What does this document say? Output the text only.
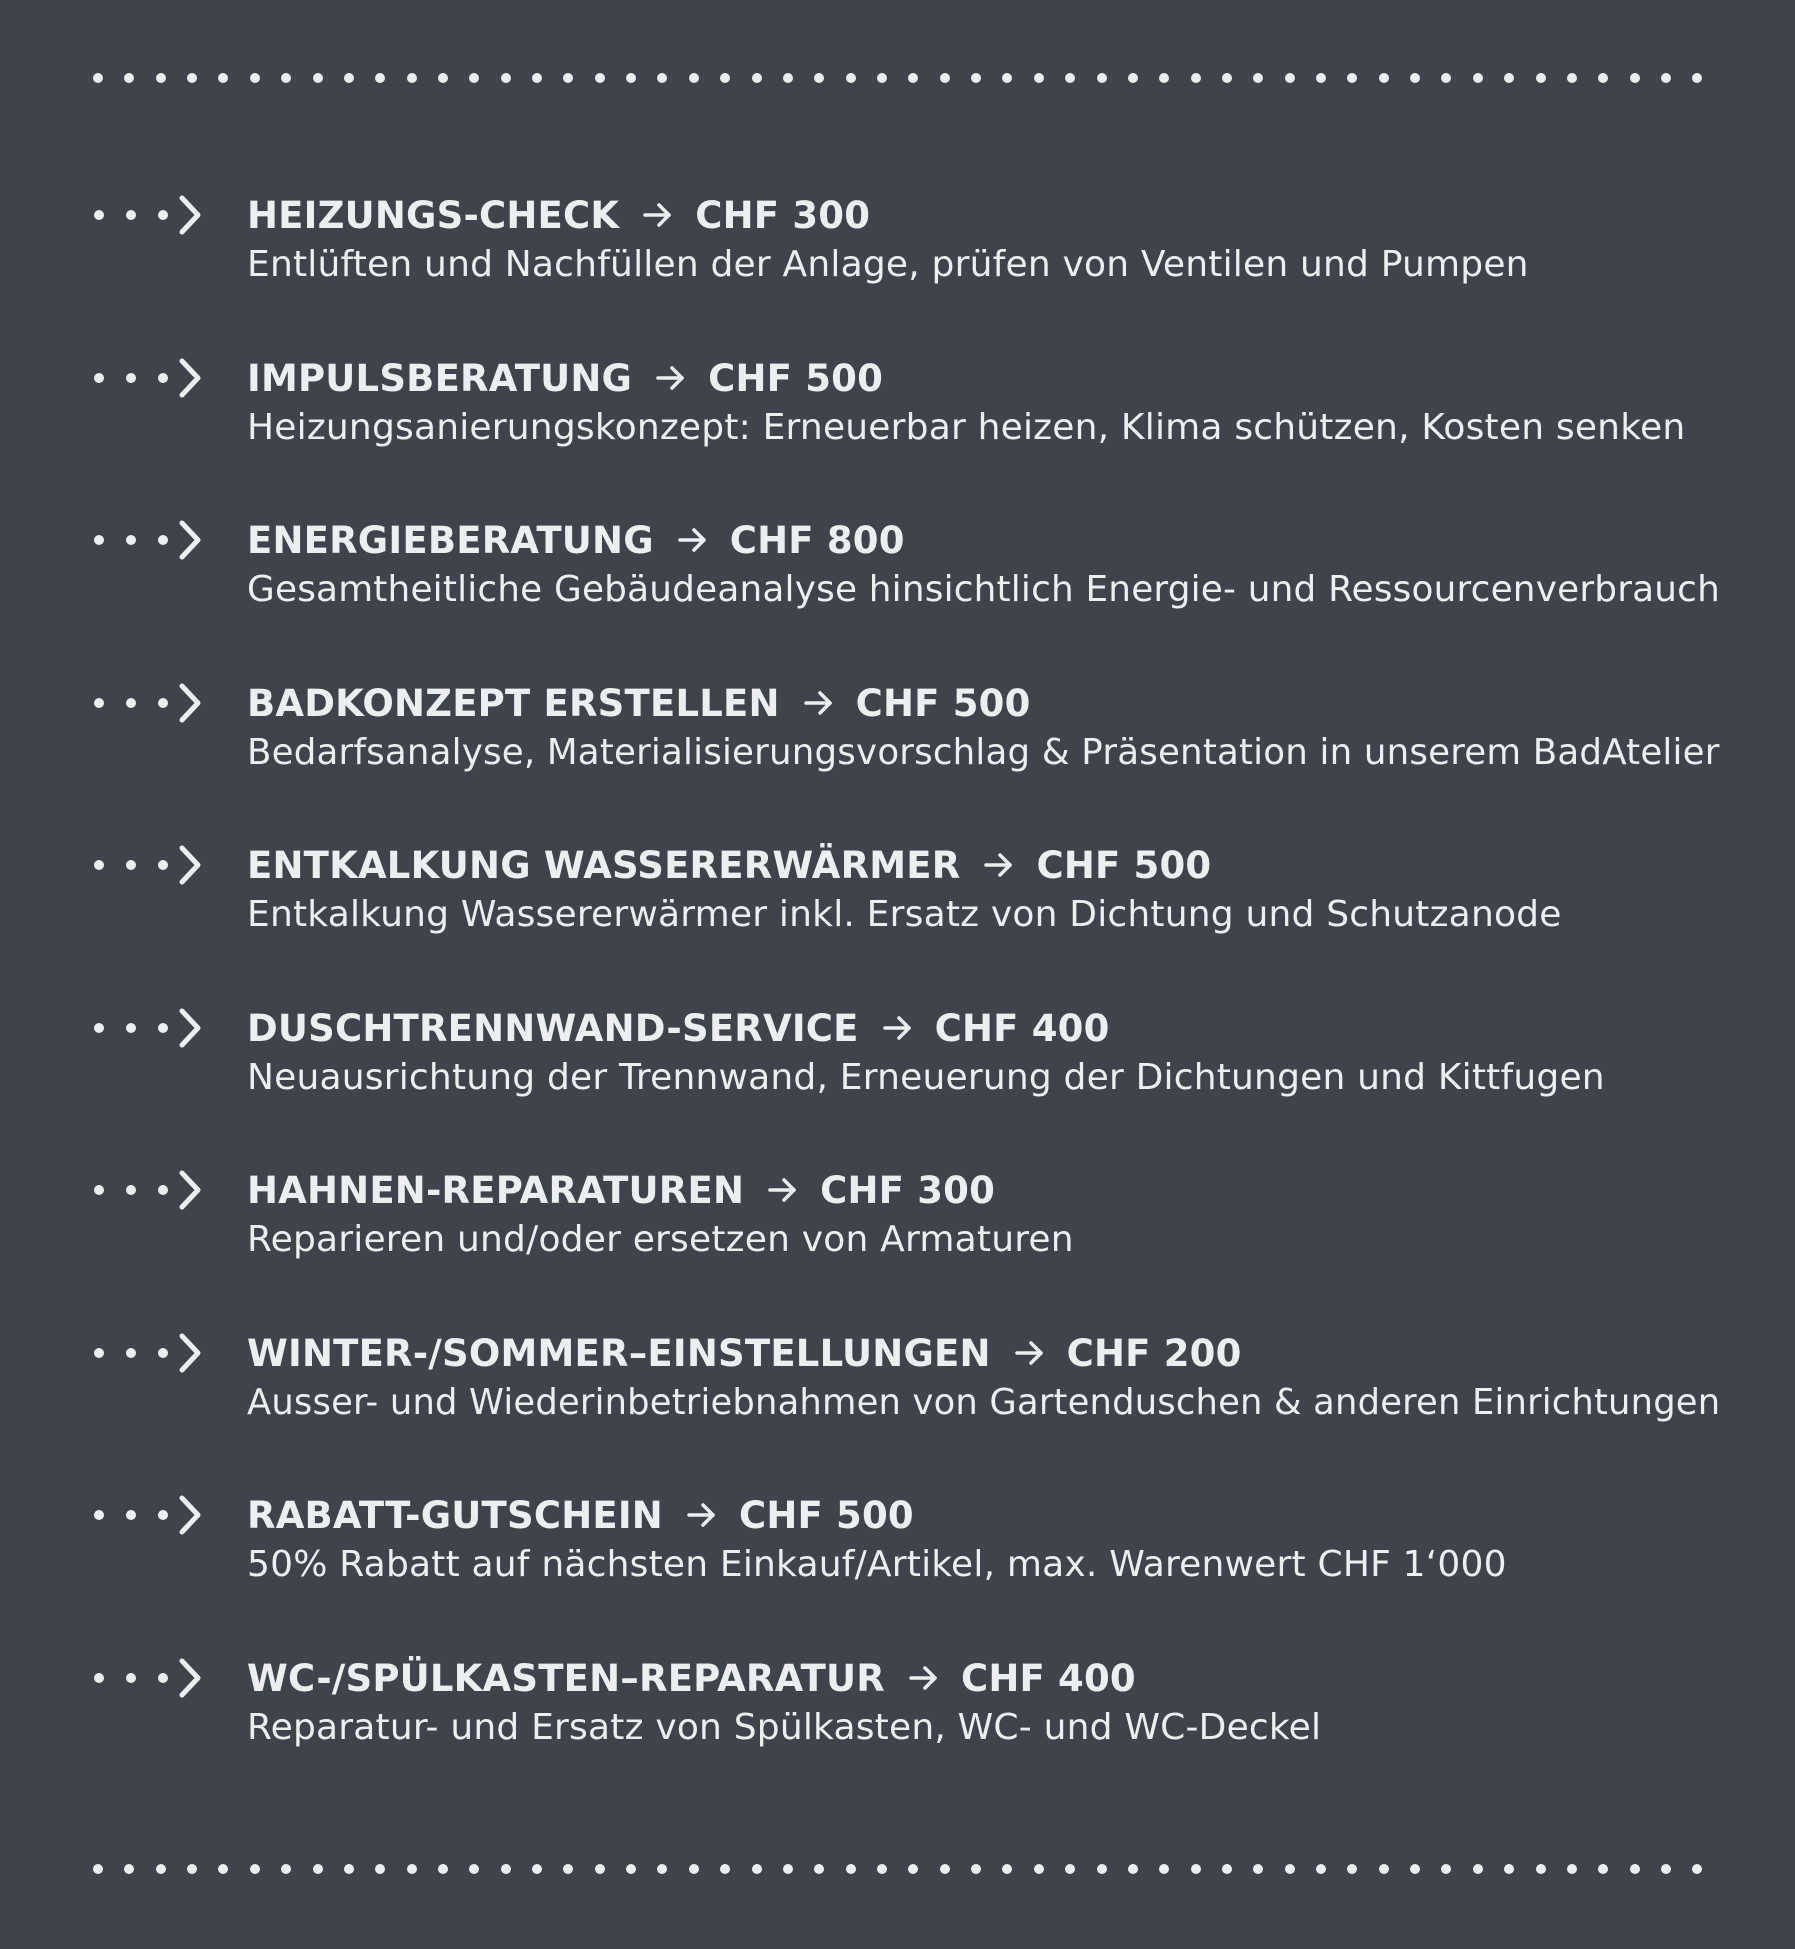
HEIZUNGS-CHECK CHF 300
Entlüften und Nachfüllen der Anlage, prüfen von Ventilen und Pumpen
IMPULSBERATUNG CHF 500
Heizungsanierungskonzept: Erneuerbar heizen, Klima schützen, Kosten senken
ENERGIEBERATUNG CHF 800
Gesamtheitliche Gebäudeanalyse hinsichtlich Energie- und Ressourcenverbrauch
BADKONZEPT ERSTELLEN CHF 500
Bedarfsanalyse, Materialisierungsvorschlag & Präsentation in unserem BadAtelier
ENTKALKUNG WASSERERWÄRMER CHF 500
Entkalkung Wassererwärmer inkl. Ersatz von Dichtung und Schutzanode
DUSCHTRENNWAND-SERVICE CHF 400
Neuausrichtung der Trennwand, Erneuerung der Dichtungen und Kittfugen
HAHNEN-REPARATUREN CHF 300
Reparieren und/oder ersetzen von Armaturen
WINTER-/SOMMER–EINSTELLUNGEN CHF 200
Ausser- und Wiederinbetriebnahmen von Gartenduschen & anderen Einrichtungen
RABATT-GUTSCHEIN CHF 500
50% Rabatt auf nächsten Einkauf/Artikel, max. Warenwert CHF 1‘000
WC-/SPÜLKASTEN–REPARATUR CHF 400
Reparatur- und Ersatz von Spülkasten, WC- und WC-Deckel
